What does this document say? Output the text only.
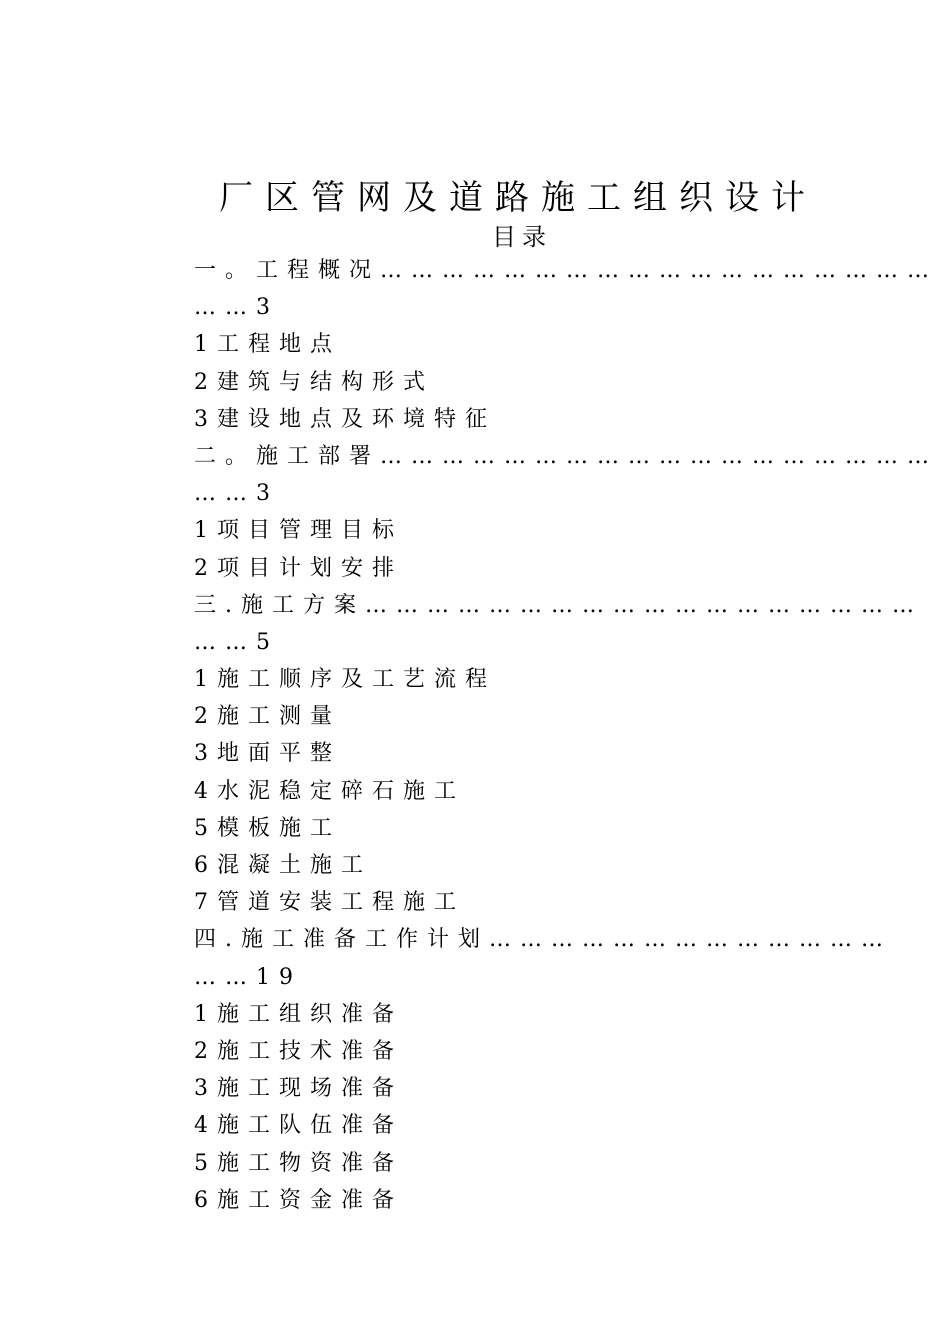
厂区管网及道路施工组织设计
目录
一。工程概况………………………………………………
……3
1工程地点
2建筑与结构形式
3建设地点及环境特征
二。施工部署………………………………………………
……3
1项目管理目标
2项目计划安排
三.施工方案………………………………………………
……5
1施工顺序及工艺流程
2施工测量
3地面平整
4水泥稳定碎石施工
5模板施工
6混凝土施工
7管道安装工程施工
四.施工准备工作计划…………………………………
……19
1施工组织准备
2施工技术准备
3施工现场准备
4施工队伍准备
5施工物资准备
6施工资金准备
